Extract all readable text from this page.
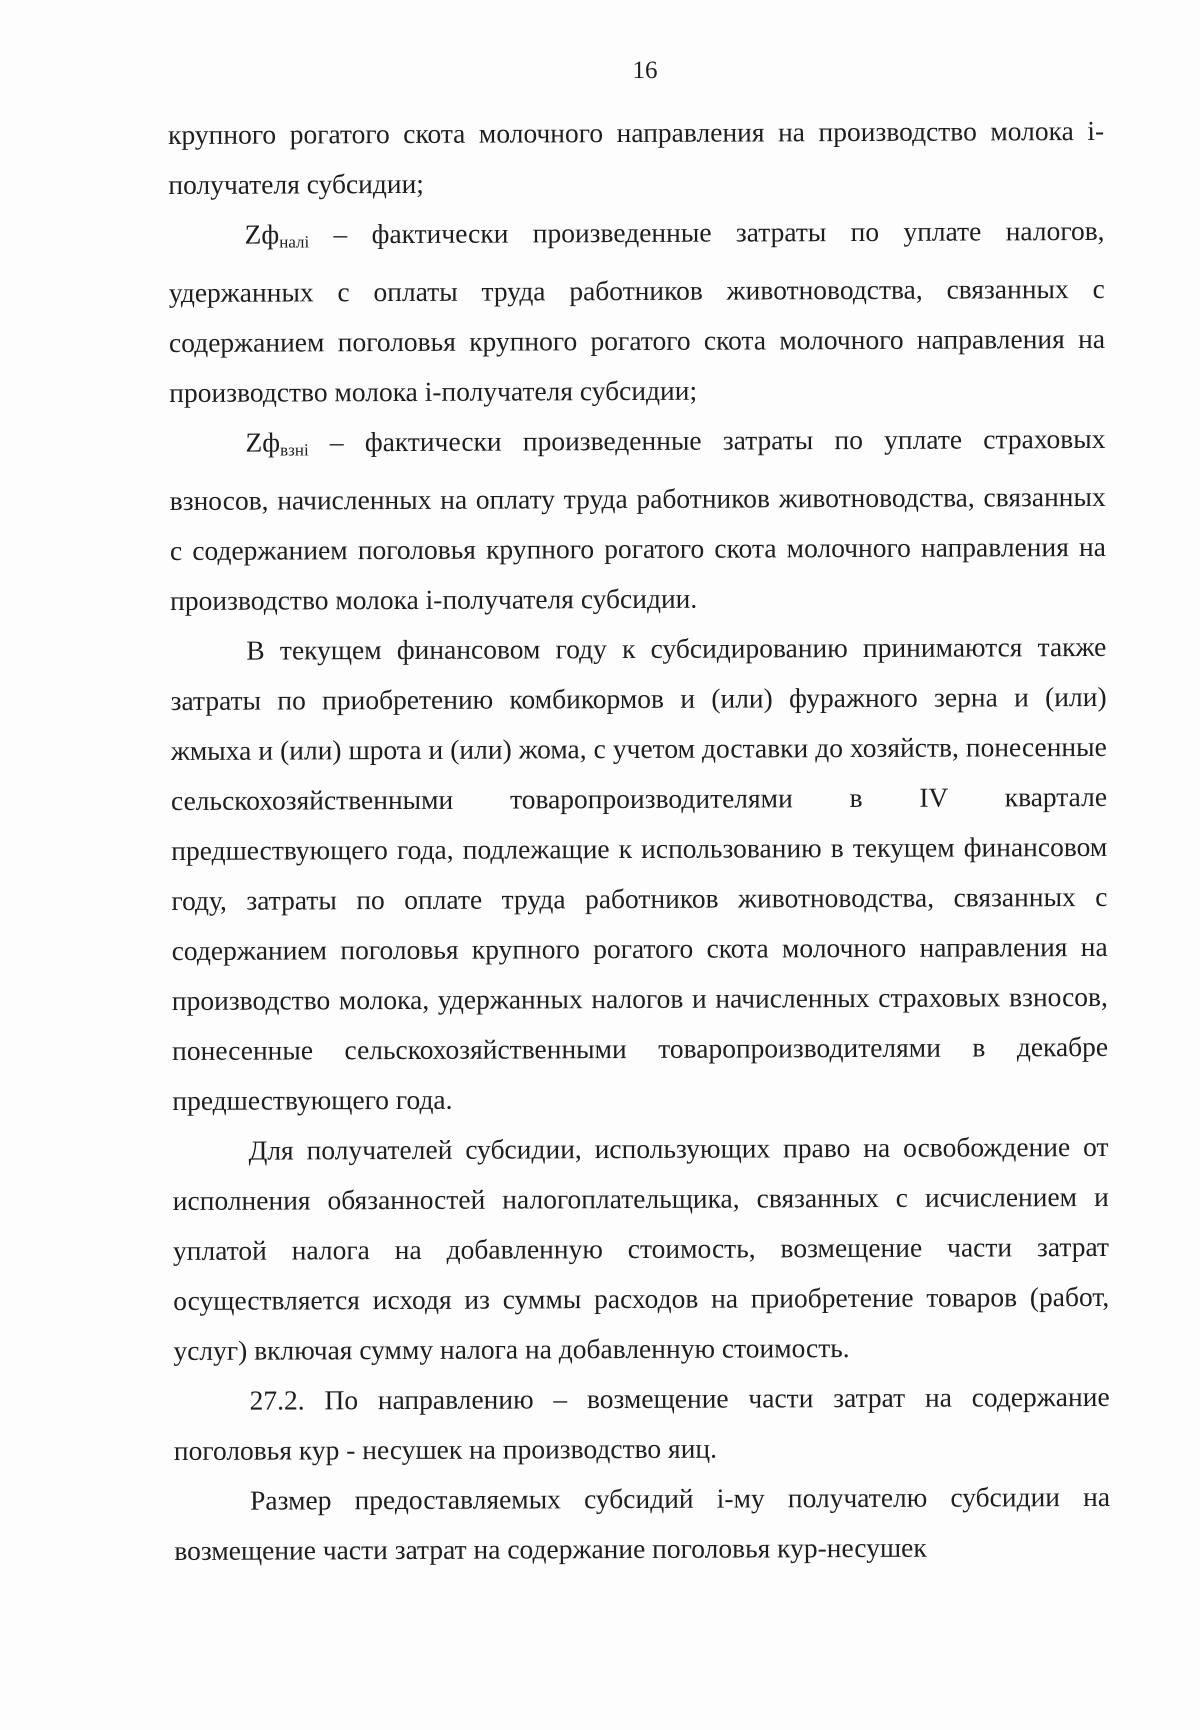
16

крупного рогатого скота молочного направления на производство молока i-получателя субсидии;

Zфналi – фактически произведенные затраты по уплате налогов, удержанных с оплаты труда работников животноводства, связанных с содержанием поголовья крупного рогатого скота молочного направления на производство молока i-получателя субсидии;

Zфвзнi – фактически произведенные затраты по уплате страховых взносов, начисленных на оплату труда работников животноводства, связанных с содержанием поголовья крупного рогатого скота молочного направления на производство молока i-получателя субсидии.

В текущем финансовом году к субсидированию принимаются также затраты по приобретению комбикормов и (или) фуражного зерна и (или) жмыха и (или) шрота и (или) жома, с учетом доставки до хозяйств, понесенные сельскохозяйственными товаропроизводителями в IV квартале предшествующего года, подлежащие к использованию в текущем финансовом году, затраты по оплате труда работников животноводства, связанных с содержанием поголовья крупного рогатого скота молочного направления на производство молока, удержанных налогов и начисленных страховых взносов, понесенные сельскохозяйственными товаропроизводителями в декабре предшествующего года.

Для получателей субсидии, использующих право на освобождение от исполнения обязанностей налогоплательщика, связанных с исчислением и уплатой налога на добавленную стоимость, возмещение части затрат осуществляется исходя из суммы расходов на приобретение товаров (работ, услуг) включая сумму налога на добавленную стоимость.

27.2. По направлению – возмещение части затрат на содержание поголовья кур - несушек на производство яиц.

Размер предоставляемых субсидий i-му получателю субсидии на возмещение части затрат на содержание поголовья кур-несушек
